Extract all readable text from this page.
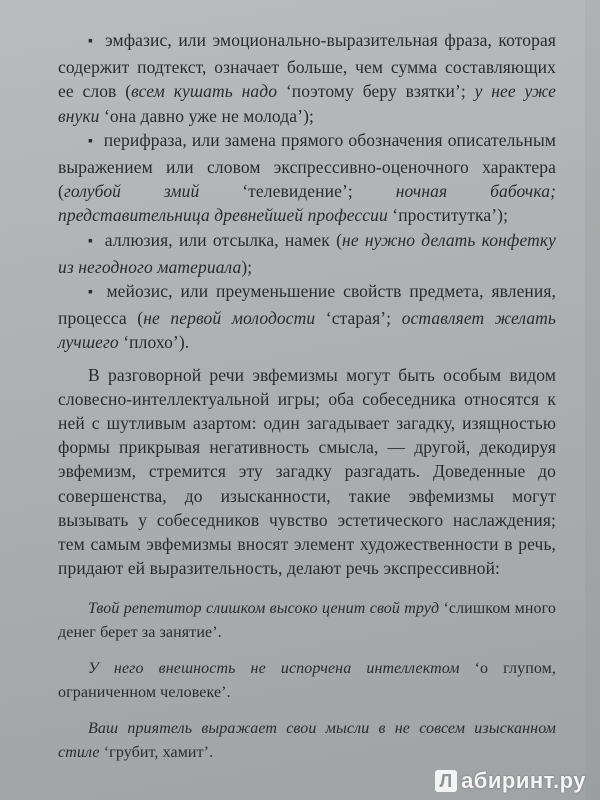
▪ эмфазис, или эмоционально-выразительная фраза, которая содержит подтекст, означает больше, чем сумма составляющих ее слов (всем кушать надо ‘поэтому беру взятки’; у нее уже внуки ‘она давно уже не молода’);

▪ перифраза, или замена прямого обозначения описательным выражением или словом экспрессивно-оценочного характера (голубой змий ‘телевидение’; ночная бабочка; представительница древнейшей профессии ‘проститутка’);

▪ аллюзия, или отсылка, намек (не нужно делать конфетку из негодного материала);

▪ мейозис, или преуменьшение свойств предмета, явления, процесса (не первой молодости ‘старая’; оставляет желать лучшего ‘плохо’).

В разговорной речи эвфемизмы могут быть особым видом словесно-интеллектуальной игры; оба собеседника относятся к ней с шутливым азартом: один загадывает загадку, изящностью формы прикрывая негативность смысла, — другой, декодируя эвфемизм, стремится эту загадку разгадать. Доведенные до совершенства, до изысканности, такие эвфемизмы могут вызывать у собеседников чувство эстетического наслаждения; тем самым эвфемизмы вносят элемент художественности в речь, придают ей выразительность, делают речь экспрессивной:

Твой репетитор слишком высоко ценит свой труд ‘слишком много денег берет за занятие’.

У него внешность не испорчена интеллектом ‘о глупом, ограниченном человеке’.

Ваш приятель выражает свои мысли в не совсем изысканном стиле ‘грубит, хамит’.

Л абиринт.ру
